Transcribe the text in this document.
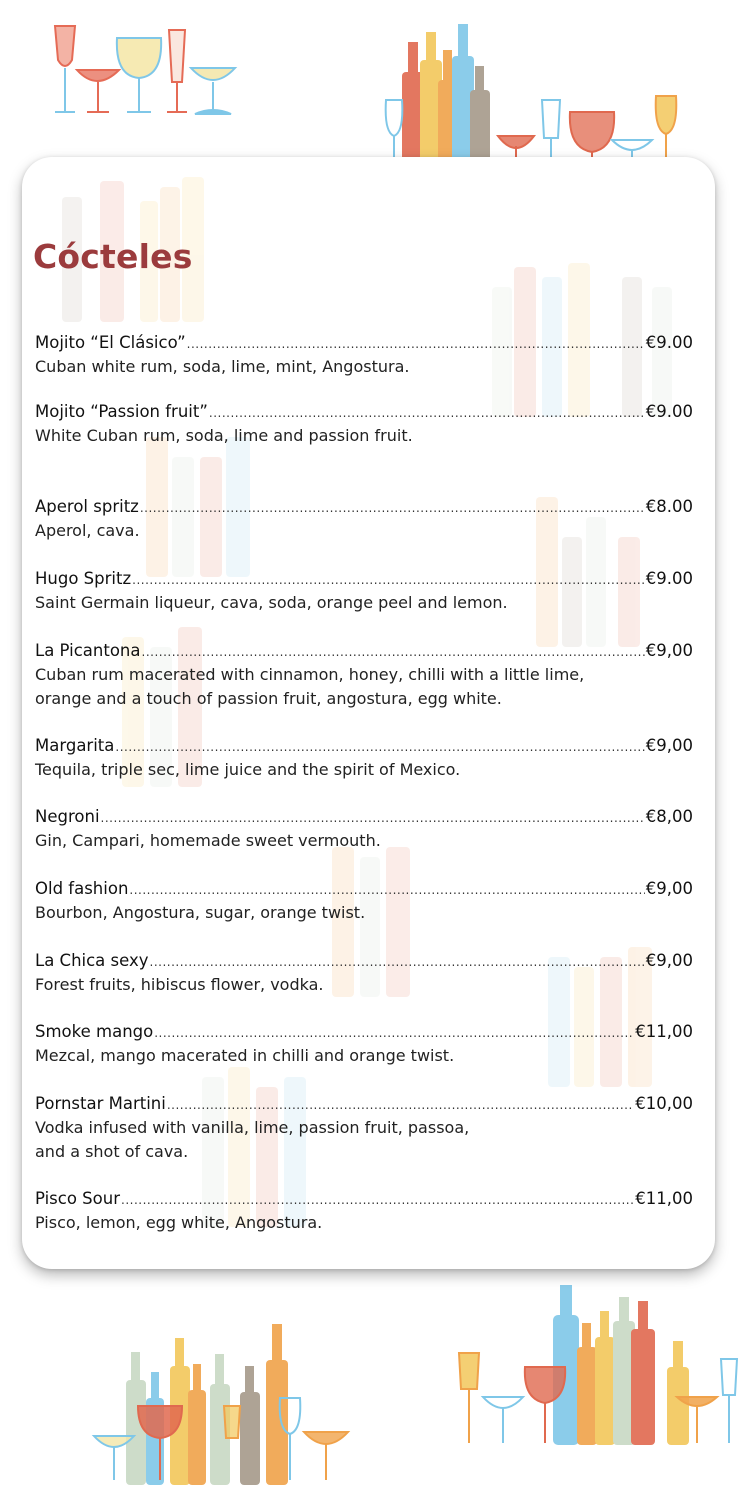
Cócteles
Mojito “El Clásico” .....	€9.00
Cuban white rum, soda, lime, mint, Angostura.
Mojito “Passion fruit” .....	€9.00
White Cuban rum, soda, lime and passion fruit.
Aperol spritz .....	€8.00
Aperol, cava.
Hugo Spritz .....	€9.00
Saint Germain liqueur, cava, soda, orange peel and lemon.
La Picantona .....	€9,00
Cuban rum macerated with cinnamon, honey, chilli with a little lime,
orange and a touch of passion fruit, angostura, egg white.
Margarita .....	€9,00
Tequila, triple sec, lime juice and the spirit of Mexico.
Negroni .....	€8,00
Gin, Campari, homemade sweet vermouth.
Old fashion .....	€9,00
Bourbon, Angostura, sugar, orange twist.
La Chica sexy .....	€9,00
Forest fruits, hibiscus flower, vodka.
Smoke mango .....	€11,00
Mezcal, mango macerated in chilli and orange twist.
Pornstar Martini .....	€10,00
Vodka infused with vanilla, lime, passion fruit, passoa,
and a shot of cava.
Pisco Sour .....	€11,00
Pisco, lemon, egg white, Angostura.
